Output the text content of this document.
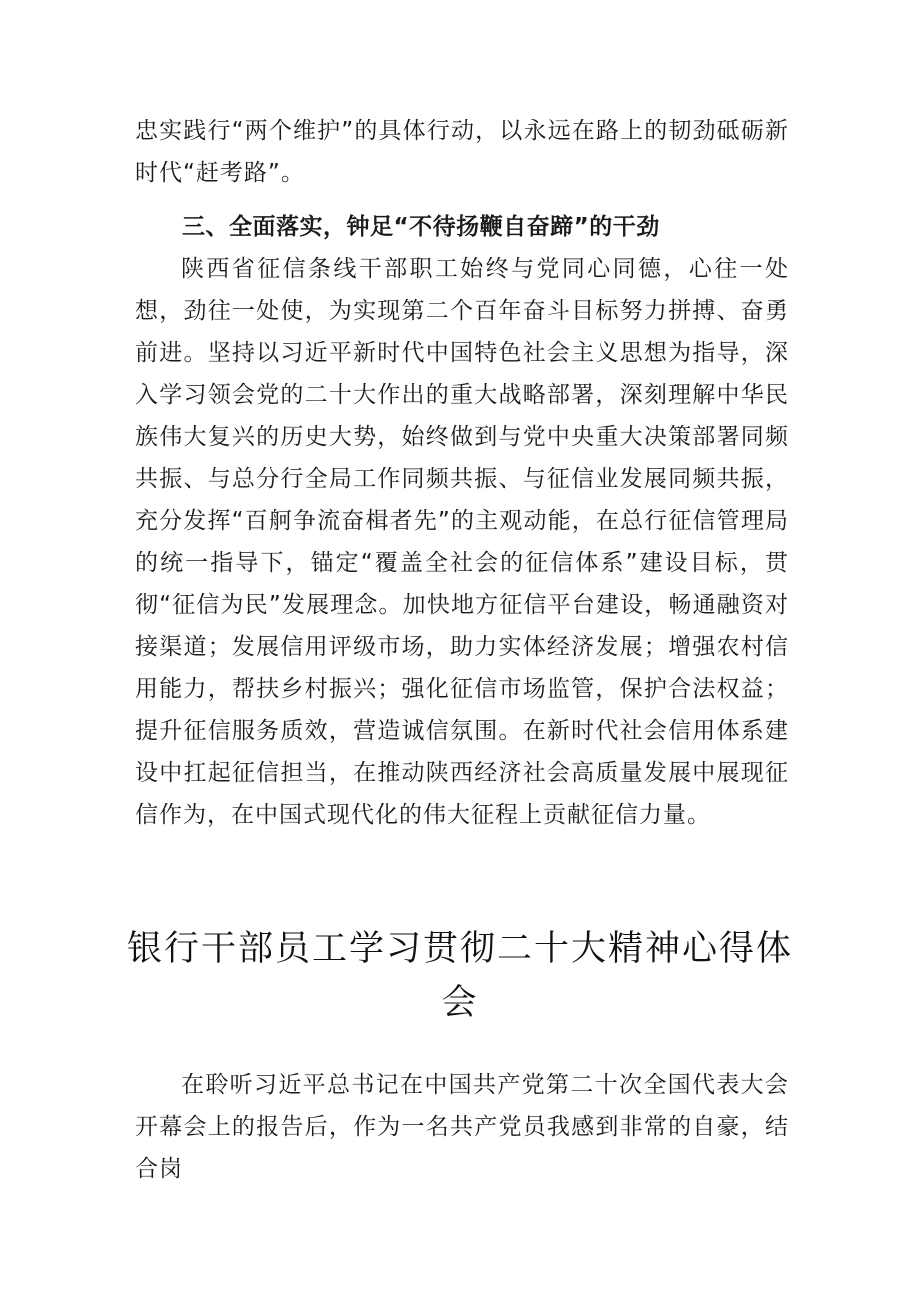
忠实践行“两个维护”的具体行动，以永远在路上的韧劲砥砺新时代“赶考路”。

三、全面落实，钟足“不待扬鞭自奋蹄”的干劲

陕西省征信条线干部职工始终与党同心同德，心往一处想，劲往一处使，为实现第二个百年奋斗目标努力拼搏、奋勇前进。坚持以习近平新时代中国特色社会主义思想为指导，深入学习领会党的二十大作出的重大战略部署，深刻理解中华民族伟大复兴的历史大势，始终做到与党中央重大决策部署同频共振、与总分行全局工作同频共振、与征信业发展同频共振，充分发挥“百舸争流奋楫者先”的主观动能，在总行征信管理局的统一指导下，锚定“覆盖全社会的征信体系”建设目标，贯彻“征信为民”发展理念。加快地方征信平台建设，畅通融资对接渠道；发展信用评级市场，助力实体经济发展；增强农村信用能力，帮扶乡村振兴；强化征信市场监管，保护合法权益；提升征信服务质效，营造诚信氛围。在新时代社会信用体系建设中扛起征信担当，在推动陕西经济社会高质量发展中展现征信作为，在中国式现代化的伟大征程上贡献征信力量。

银行干部员工学习贯彻二十大精神心得体会

在聆听习近平总书记在中国共产党第二十次全国代表大会开幕会上的报告后，作为一名共产党员我感到非常的自豪，结合岗
